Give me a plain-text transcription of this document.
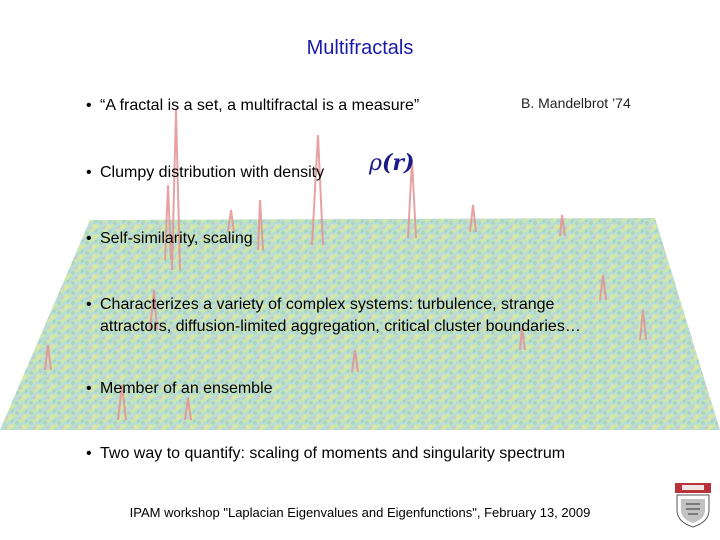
Multifractals
• “A fractal is a set, a multifractal is a measure”	B. Mandelbrot ’74
• Clumpy distribution with density ρ(r)
• Self-similarity, scaling
• Characterizes a variety of complex systems: turbulence, strange
attractors, diffusion-limited aggregation, critical cluster boundaries…
• Member of an ensemble
• Two way to quantify: scaling of moments and singularity spectrum
IPAM workshop "Laplacian Eigenvalues and Eigenfunctions", February 13, 2009
